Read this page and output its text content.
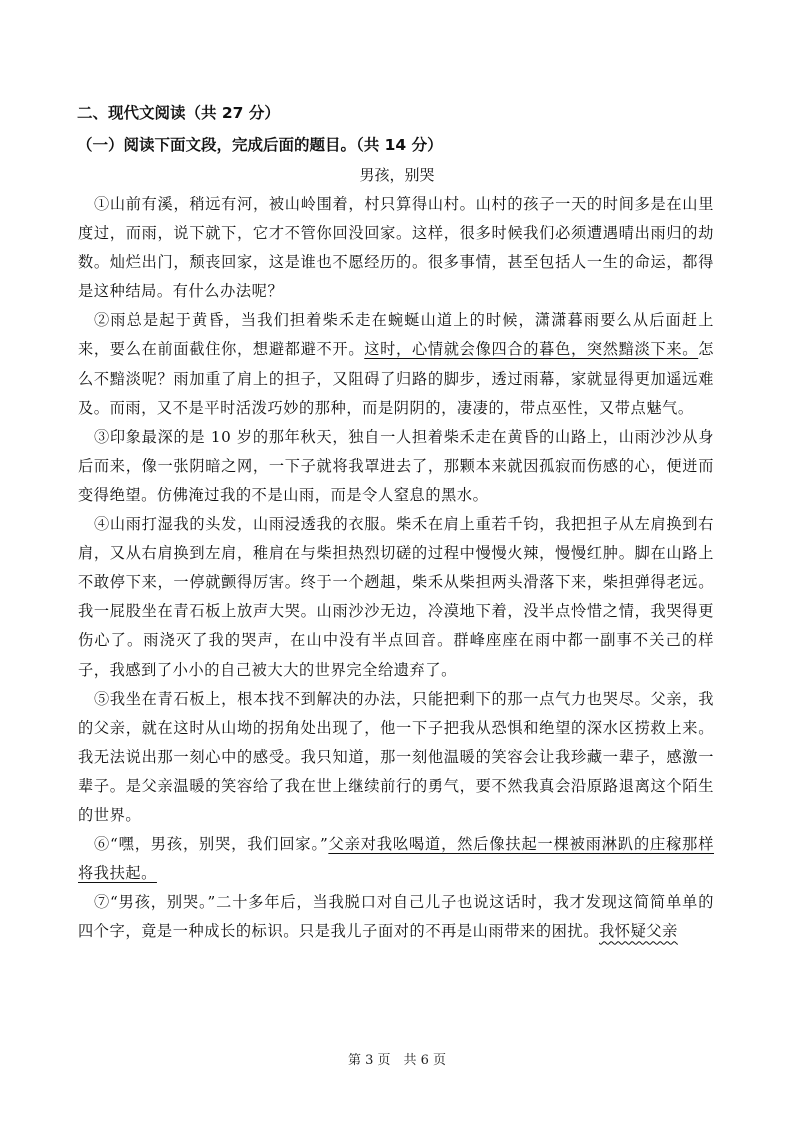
二、现代文阅读（共 27 分）
（一）阅读下面文段，完成后面的题目。（共 14 分）
男孩，别哭

①山前有溪，稍远有河，被山岭围着，村只算得山村。山村的孩子一天的时间多是在山里度过，而雨，说下就下，它才不管你回没回家。这样，很多时候我们必须遭遇晴出雨归的劫数。灿烂出门，颓丧回家，这是谁也不愿经历的。很多事情，甚至包括人一生的命运，都得是这种结局。有什么办法呢？

②雨总是起于黄昏，当我们担着柴禾走在蜿蜒山道上的时候，潇潇暮雨要么从后面赶上来，要么在前面截住你，想避都避不开。这时，心情就会像四合的暮色，突然黯淡下来。怎么不黯淡呢？雨加重了肩上的担子，又阻碍了归路的脚步，透过雨幕，家就显得更加遥远难及。而雨，又不是平时活泼巧妙的那种，而是阴阴的，凄凄的，带点巫性，又带点魅气。

③印象最深的是 10 岁的那年秋天，独自一人担着柴禾走在黄昏的山路上，山雨沙沙从身后而来，像一张阴暗之网，一下子就将我罩进去了，那颗本来就因孤寂而伤感的心，便迸而变得绝望。仿佛淹过我的不是山雨，而是令人窒息的黑水。

④山雨打湿我的头发，山雨浸透我的衣服。柴禾在肩上重若千钧，我把担子从左肩换到右肩，又从右肩换到左肩，稚肩在与柴担热烈切磋的过程中慢慢火辣，慢慢红肿。脚在山路上不敢停下来，一停就颤得厉害。终于一个趔趄，柴禾从柴担两头滑落下来，柴担弹得老远。我一屁股坐在青石板上放声大哭。山雨沙沙无边，冷漠地下着，没半点怜惜之情，我哭得更伤心了。雨浇灭了我的哭声，在山中没有半点回音。群峰座座在雨中都一副事不关己的样子，我感到了小小的自己被大大的世界完全给遗弃了。

⑤我坐在青石板上，根本找不到解决的办法，只能把剩下的那一点气力也哭尽。父亲，我的父亲，就在这时从山坳的拐角处出现了，他一下子把我从恐惧和绝望的深水区捞救上来。我无法说出那一刻心中的感受。我只知道，那一刻他温暖的笑容会让我珍藏一辈子，感激一辈子。是父亲温暖的笑容给了我在世上继续前行的勇气，要不然我真会沿原路退离这个陌生的世界。

⑥“嘿，男孩，别哭，我们回家。”父亲对我吆喝道，然后像扶起一棵被雨淋趴的庄稼那样将我扶起。

⑦“男孩，别哭。”二十多年后，当我脱口对自己儿子也说这话时，我才发现这简简单单的四个字，竟是一种成长的标识。只是我儿子面对的不再是山雨带来的困扰。我怀疑父亲

第 3 页　共 6 页
